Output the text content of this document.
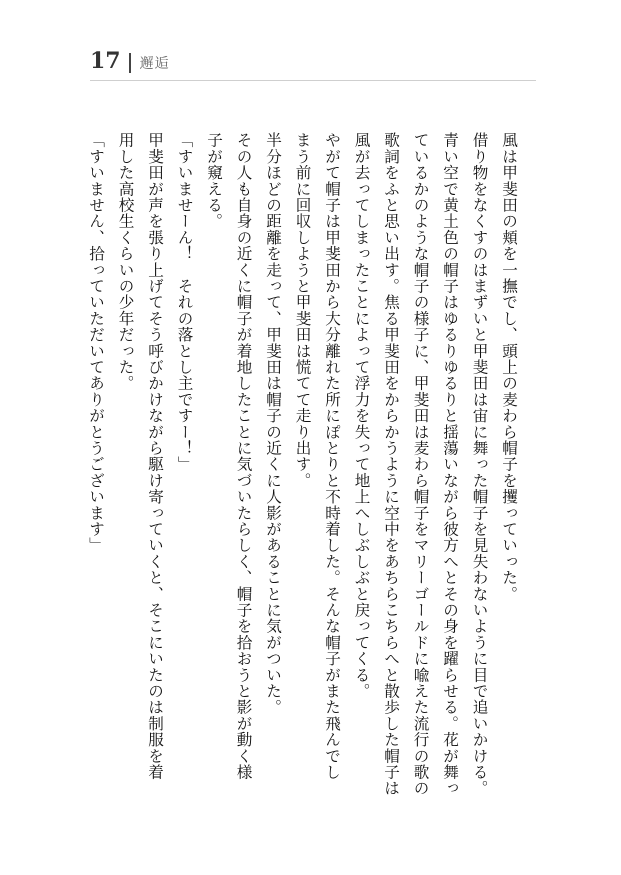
17 邂逅

風は甲斐田の頬を一撫でし、頭上の麦わら帽子を攫っていった。

借り物をなくすのはまずいと甲斐田は宙に舞った帽子を見失わないように目で追いかける。

青い空で黄土色の帽子はゆるりゆるりと揺蕩いながら彼方へとその身を躍らせる。花が舞っ

ているかのような帽子の様子に、甲斐田は麦わら帽子をマリーゴールドに喩えた流行の歌の

歌詞をふと思い出す。焦る甲斐田をからかうように空中をあちらこちらへと散歩した帽子は

風が去ってしまったことによって浮力を失って地上へしぶしぶと戻ってくる。

やがて帽子は甲斐田から大分離れた所にぽとりと不時着した。そんな帽子がまた飛んでし

まう前に回収しようと甲斐田は慌てて走り出す。

半分ほどの距離を走って、甲斐田は帽子の近くに人影があることに気がついた。

その人も自身の近くに帽子が着地したことに気づいたらしく、帽子を拾おうと影が動く様

子が窺える。

「すいませーん！　それの落とし主ですー！」

甲斐田が声を張り上げてそう呼びかけながら駆け寄っていくと、そこにいたのは制服を着

用した高校生くらいの少年だった。

「すいません、拾っていただいてありがとうございます」
